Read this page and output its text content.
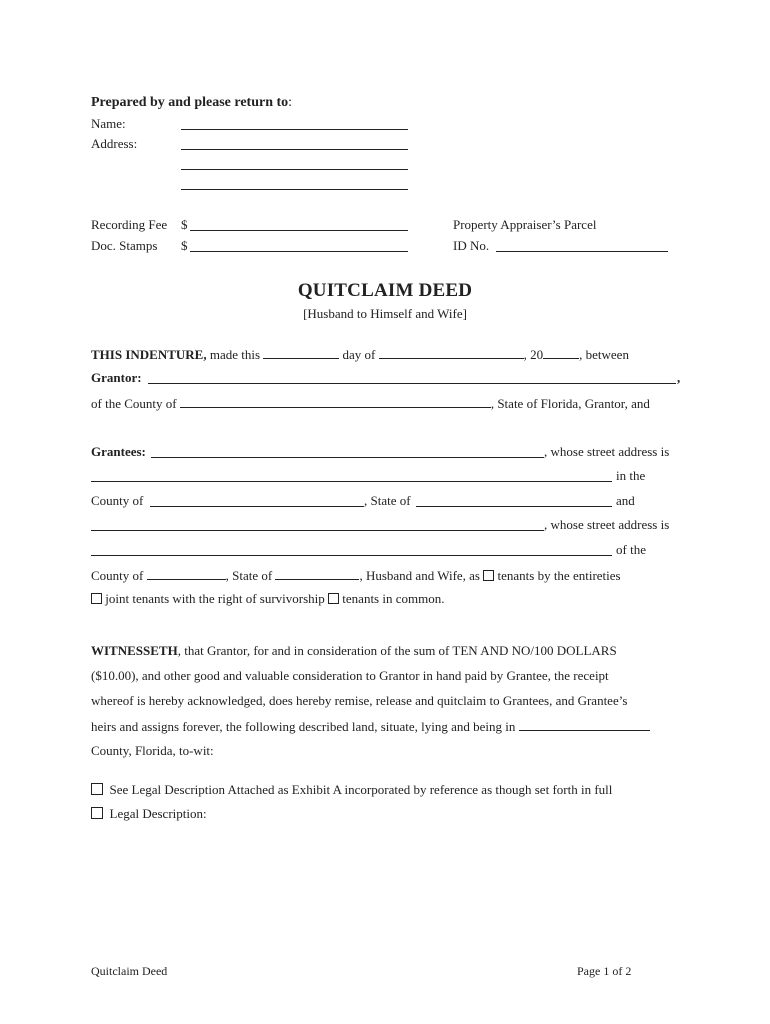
Prepared by and please return to:
Name:
Address:
Recording Fee $
Doc. Stamps $
Property Appraiser’s Parcel
ID No.
QUITCLAIM DEED
[Husband to Himself and Wife]
THIS INDENTURE, made this	day of	, 20	, between
Grantor:	,
of the County of	, State of Florida, Grantor, and
Grantees:	, whose street address is
in the
County of	, State of	and
, whose street address is
of the
County of	, State of	, Husband and Wife, as tenants by the entireties
joint tenants with the right of survivorship tenants in common.
WITNESSETH, that Grantor, for and in consideration of the sum of TEN AND NO/100 DOLLARS
($10.00), and other good and valuable consideration to Grantor in hand paid by Grantee, the receipt
whereof is hereby acknowledged, does hereby remise, release and quitclaim to Grantees, and Grantee’s
heirs and assigns forever, the following described land, situate, lying and being in
County, Florida, to-wit:
See Legal Description Attached as Exhibit A incorporated by reference as though set forth in full
Legal Description:
Quitclaim Deed	Page 1 of 2
